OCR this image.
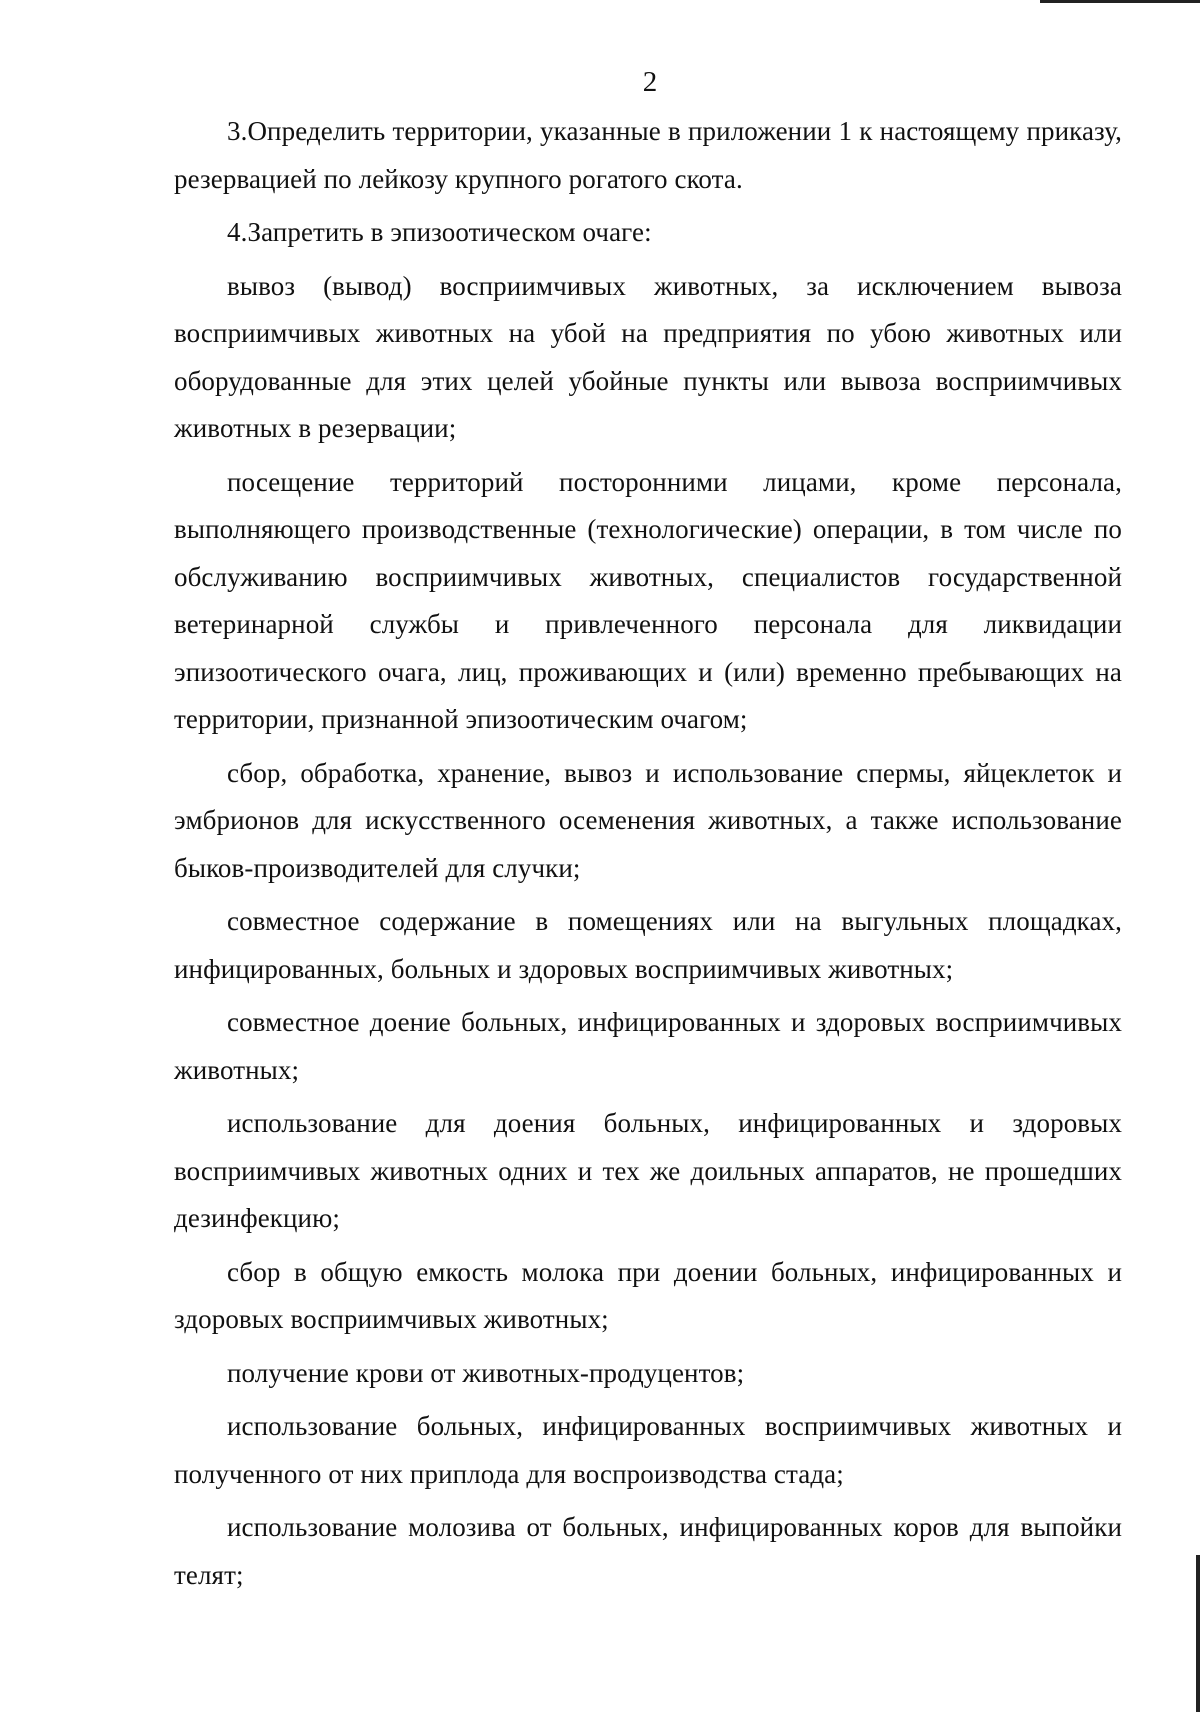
2

3.Определить территории, указанные в приложении 1 к настоящему приказу, резервацией по лейкозу крупного рогатого скота.

4.Запретить в эпизоотическом очаге:

вывоз (вывод) восприимчивых животных, за исключением вывоза восприимчивых животных на убой на предприятия по убою животных или оборудованные для этих целей убойные пункты или вывоза восприимчивых животных в резервации;

посещение территорий посторонними лицами, кроме персонала, выполняющего производственные (технологические) операции, в том числе по обслуживанию восприимчивых животных, специалистов государственной ветеринарной службы и привлеченного персонала для ликвидации эпизоотического очага, лиц, проживающих и (или) временно пребывающих на территории, признанной эпизоотическим очагом;

сбор, обработка, хранение, вывоз и использование спермы, яйцеклеток и эмбрионов для искусственного осеменения животных, а также использование быков-производителей для случки;

совместное содержание в помещениях или на выгульных площадках, инфицированных, больных и здоровых восприимчивых животных;

совместное доение больных, инфицированных и здоровых восприимчивых животных;

использование для доения больных, инфицированных и здоровых восприимчивых животных одних и тех же доильных аппаратов, не прошедших дезинфекцию;

сбор в общую емкость молока при доении больных, инфицированных и здоровых восприимчивых животных;

получение крови от животных-продуцентов;

использование больных, инфицированных восприимчивых животных и полученного от них приплода для воспроизводства стада;

использование молозива от больных, инфицированных коров для выпойки телят;
